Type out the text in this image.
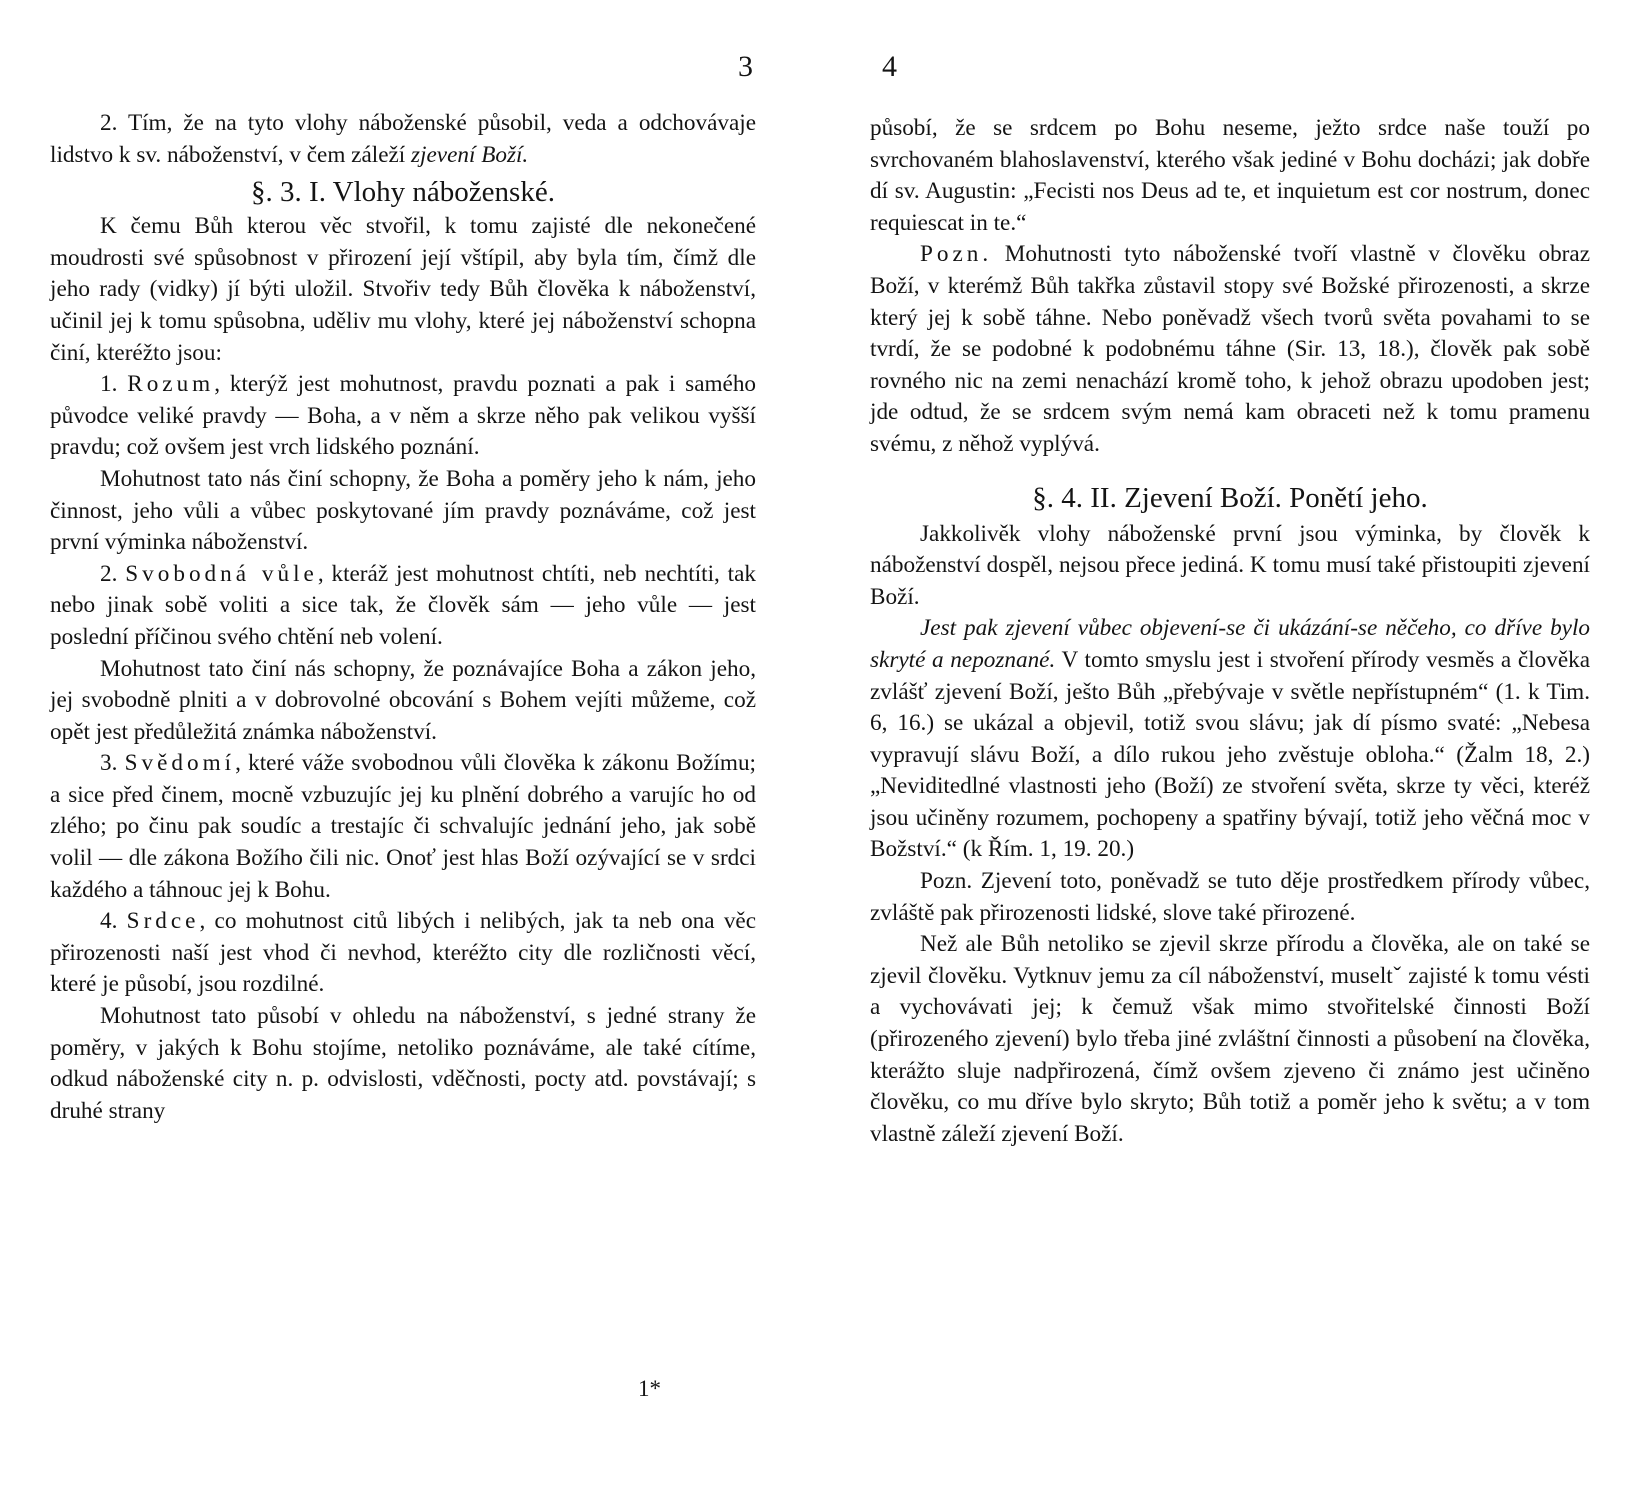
3

2. Tím, že na tyto vlohy náboženské působil, veda a odchovávaje lidstvo k sv. náboženství, v čem záleží zjevení Boží.

§. 3. I. Vlohy náboženské.

K čemu Bůh kterou věc stvořil, k tomu zajisté dle nekonečené moudrosti své spůsobnost v přirození její vštípil, aby byla tím, čímž dle jeho rady (vidky) jí býti uložil. Stvořiv tedy Bůh člověka k náboženství, učinil jej k tomu spůsobna, uděliv mu vlohy, které jej náboženství schopna činí, kteréžto jsou:

1. Rozum, kterýž jest mohutnost, pravdu poznati a pak i samého původce veliké pravdy — Boha, a v něm a skrze něho pak velikou vyšší pravdu; což ovšem jest vrch lidského poznání.

Mohutnost tato nás činí schopny, že Boha a poměry jeho k nám, jeho činnost, jeho vůli a vůbec poskytované jím pravdy poznáváme, což jest první výminka náboženství.

2. Svobodná vůle, kteráž jest mohutnost chtíti, neb nechtíti, tak nebo jinak sobě voliti a sice tak, že člověk sám — jeho vůle — jest poslední příčinou svého chtění neb volení.

Mohutnost tato činí nás schopny, že poznávajíce Boha a zákon jeho, jej svobodně plniti a v dobrovolné obcování s Bohem vejíti můžeme, což opět jest předůležitá známka náboženství.

3. Svědomí, které váže svobodnou vůli člověka k zákonu Božímu; a sice před činem, mocně vzbuzujíc jej ku plnění dobrého a varujíc ho od zlého; po činu pak soudíc a trestajíc či schvalujíc jednání jeho, jak sobě volil — dle zákona Božího čili nic. Onoť jest hlas Boží ozývající se v srdci každého a táhnouc jej k Bohu.

4. Srdce, co mohutnost citů libých i nelibých, jak ta neb ona věc přirozenosti naší jest vhod či nevhod, kteréžto city dle rozličnosti věcí, které je působí, jsou rozdilné.

Mohutnost tato působí v ohledu na náboženství, s jedné strany že poměry, v jakých k Bohu stojíme, netoliko poznáváme, ale také cítíme, odkud náboženské city n. p. odvislosti, vděčnosti, pocty atd. povstávají; s druhé strany

1*
4

působí, že se srdcem po Bohu neseme, ježto srdce naše touží po svrchovaném blahoslavenství, kterého však jediné v Bohu docházi; jak dobře dí sv. Augustin: „Fecisti nos Deus ad te, et inquietum est cor nostrum, donec requiescat in te.“

Pozn. Mohutnosti tyto náboženské tvoří vlastně v člověku obraz Boží, v kterémž Bůh takřka zůstavil stopy své Božské přirozenosti, a skrze který jej k sobě táhne. Nebo poněvadž všech tvorů světa povahami to se tvrdí, že se podobné k podobnému táhne (Sir. 13, 18.), člověk pak sobě rovného nic na zemi nenachází kromě toho, k jehož obrazu upodoben jest; jde odtud, že se srdcem svým nemá kam obraceti než k tomu pramenu svému, z něhož vyplývá.

§. 4. II. Zjevení Boží. Ponětí jeho.

Jakkolivěk vlohy náboženské první jsou výminka, by člověk k náboženství dospěl, nejsou přece jediná. K tomu musí také přistoupiti zjevení Boží.

Jest pak zjevení vůbec objevení-se či ukázání-se něčeho, co dříve bylo skryté a nepoznané. V tomto smyslu jest i stvoření přírody vesměs a člověka zvlášť zjevení Boží, ješto Bůh „přebývaje v světle nepřístupném“ (1. k Tim. 6, 16.) se ukázal a objevil, totiž svou slávu; jak dí písmo svaté: „Nebesa vypravují slávu Boží, a dílo rukou jeho zvěstuje obloha.“ (Žalm 18, 2.) „Neviditedlné vlastnosti jeho (Boží) ze stvoření světa, skrze ty věci, kteréž jsou učiněny rozumem, pochopeny a spatřiny bývají, totiž jeho věčná moc v Božství.“ (k Řím. 1, 19. 20.)

Pozn. Zjevení toto, poněvadž se tuto děje prostředkem přírody vůbec, zvláště pak přirozenosti lidské, slove také přirozené.

Než ale Bůh netoliko se zjevil skrze přírodu a člověka, ale on také se zjevil člověku. Vytknuv jemu za cíl náboženství, museltˇ zajisté k tomu vésti a vychovávati jej; k čemuž však mimo stvořitelské činnosti Boží (přirozeného zjevení) bylo třeba jiné zvláštní činnosti a působení na člověka, kterážto sluje nadpřirozená, čímž ovšem zjeveno či známo jest učiněno člověku, co mu dříve bylo skryto; Bůh totiž a poměr jeho k světu; a v tom vlastně záleží zjevení Boží.
